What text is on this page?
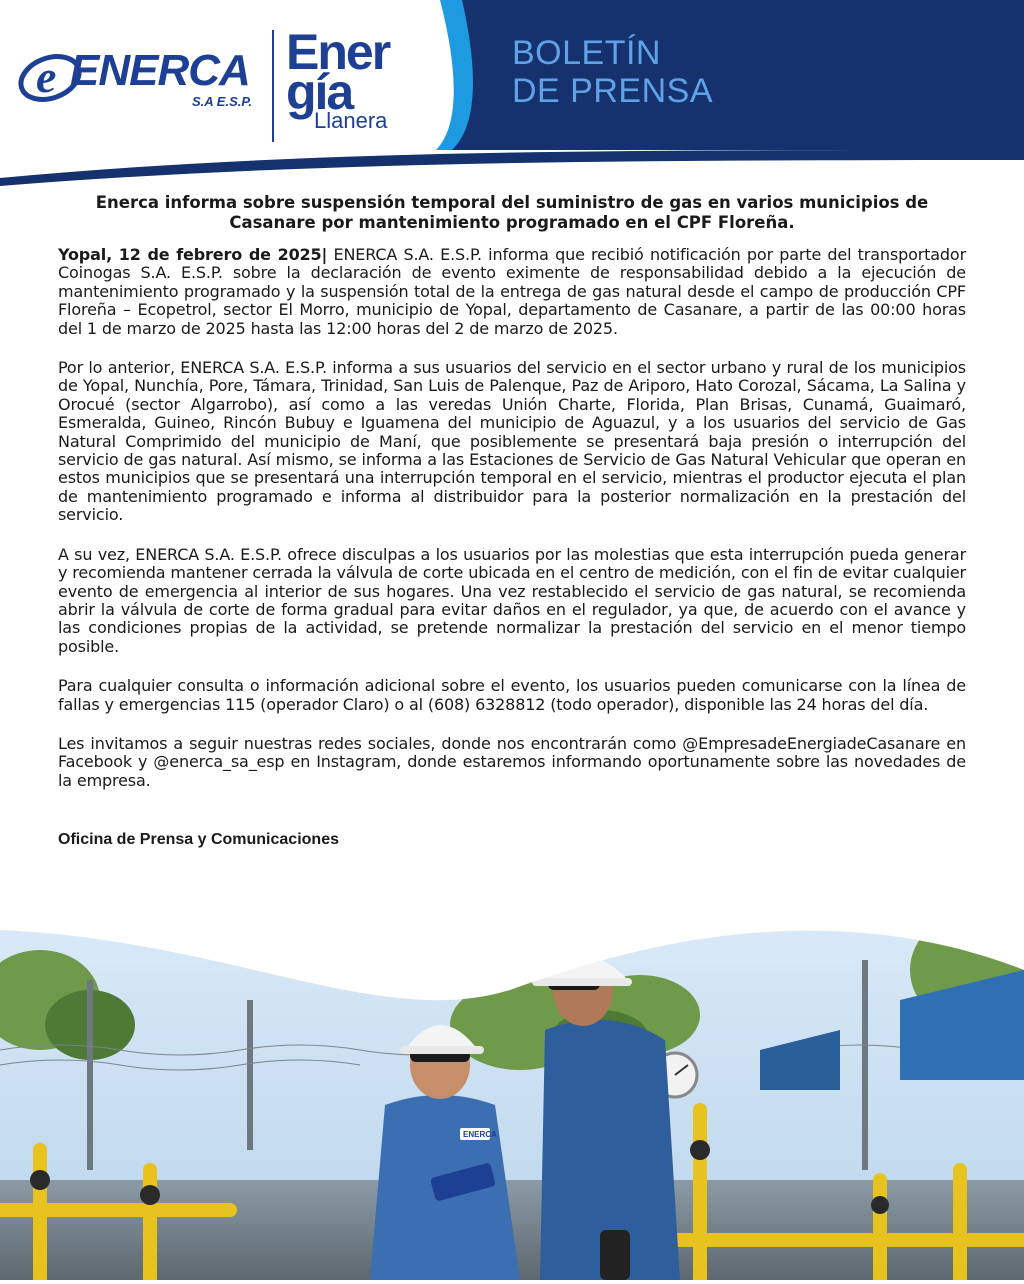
e ENERCA
S.A E.S.P.
Ener
gía
Llanera
BOLETÍN
DE PRENSA
Enerca informa sobre suspensión temporal del suministro de gas en varios municipios de Casanare por mantenimiento programado en el CPF Floreña.

Yopal, 12 de febrero de 2025| ENERCA S.A. E.S.P. informa que recibió notificación por parte del transportador Coinogas S.A. E.S.P. sobre la declaración de evento eximente de responsabilidad debido a la ejecución de mantenimiento programado y la suspensión total de la entrega de gas natural desde el campo de producción CPF Floreña – Ecopetrol, sector El Morro, municipio de Yopal, departamento de Casanare, a partir de las 00:00 horas del 1 de marzo de 2025 hasta las 12:00 horas del 2 de marzo de 2025.

Por lo anterior, ENERCA S.A. E.S.P. informa a sus usuarios del servicio en el sector urbano y rural de los municipios de Yopal, Nunchía, Pore, Támara, Trinidad, San Luis de Palenque, Paz de Ariporo, Hato Corozal, Sácama, La Salina y Orocué (sector Algarrobo), así como a las veredas Unión Charte, Florida, Plan Brisas, Cunamá, Guaimaró, Esmeralda, Guineo, Rincón Bubuy e Iguamena del municipio de Aguazul, y a los usuarios del servicio de Gas Natural Comprimido del municipio de Maní, que posiblemente se presentará baja presión o interrupción del servicio de gas natural. Así mismo, se informa a las Estaciones de Servicio de Gas Natural Vehicular que operan en estos municipios que se presentará una interrupción temporal en el servicio, mientras el productor ejecuta el plan de mantenimiento programado e informa al distribuidor para la posterior normalización en la prestación del servicio.

A su vez, ENERCA S.A. E.S.P. ofrece disculpas a los usuarios por las molestias que esta interrupción pueda generar y recomienda mantener cerrada la válvula de corte ubicada en el centro de medición, con el fin de evitar cualquier evento de emergencia al interior de sus hogares. Una vez restablecido el servicio de gas natural, se recomienda abrir la válvula de corte de forma gradual para evitar daños en el regulador, ya que, de acuerdo con el avance y las condiciones propias de la actividad, se pretende normalizar la prestación del servicio en el menor tiempo posible.

Para cualquier consulta o información adicional sobre el evento, los usuarios pueden comunicarse con la línea de fallas y emergencias 115 (operador Claro) o al (608) 6328812 (todo operador), disponible las 24 horas del día.

Les invitamos a seguir nuestras redes sociales, donde nos encontrarán como @EmpresadeEnergiadeCasanare en Facebook y @enerca_sa_esp en Instagram, donde estaremos informando oportunamente sobre las novedades de la empresa.

Oficina de Prensa y Comunicaciones
ENERCA
